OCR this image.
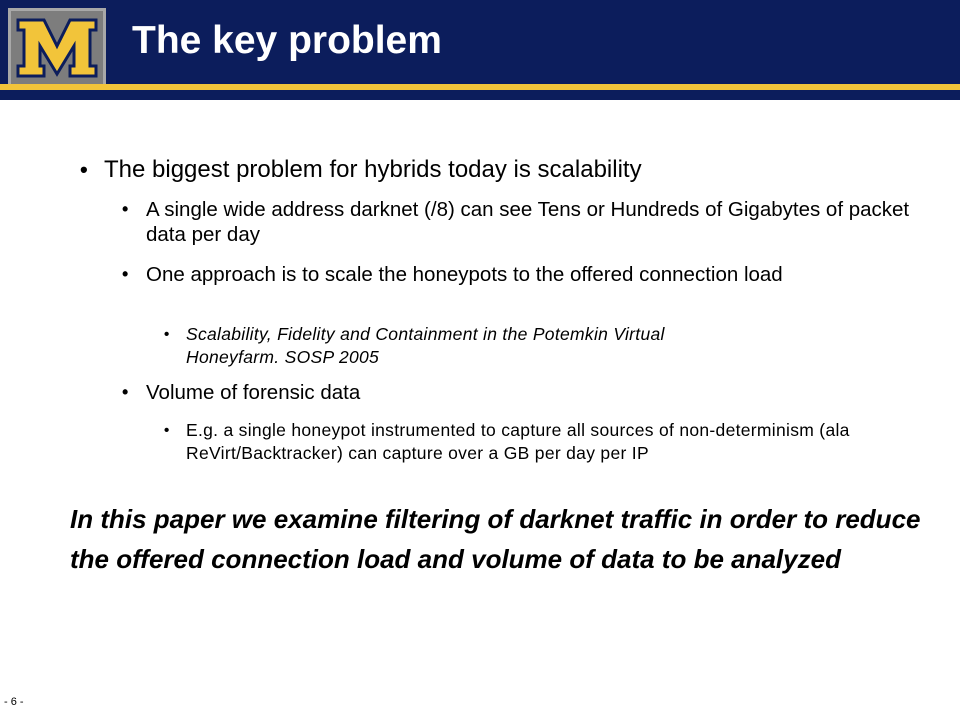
The key problem
• The biggest problem for hybrids today is scalability
• A single wide address darknet (/8) can see Tens or Hundreds of Gigabytes of packet data per day
• One approach is to scale the honeypots to the offered connection load
• Scalability, Fidelity and Containment in the Potemkin Virtual Honeyfarm. SOSP 2005
• Volume of forensic data
• E.g. a single honeypot instrumented to capture all sources of non-determinism (ala ReVirt/Backtracker) can capture over a GB per day per IP
In this paper we examine filtering of darknet traffic in order to reduce the offered connection load and volume of data to be analyzed
- 6 -
